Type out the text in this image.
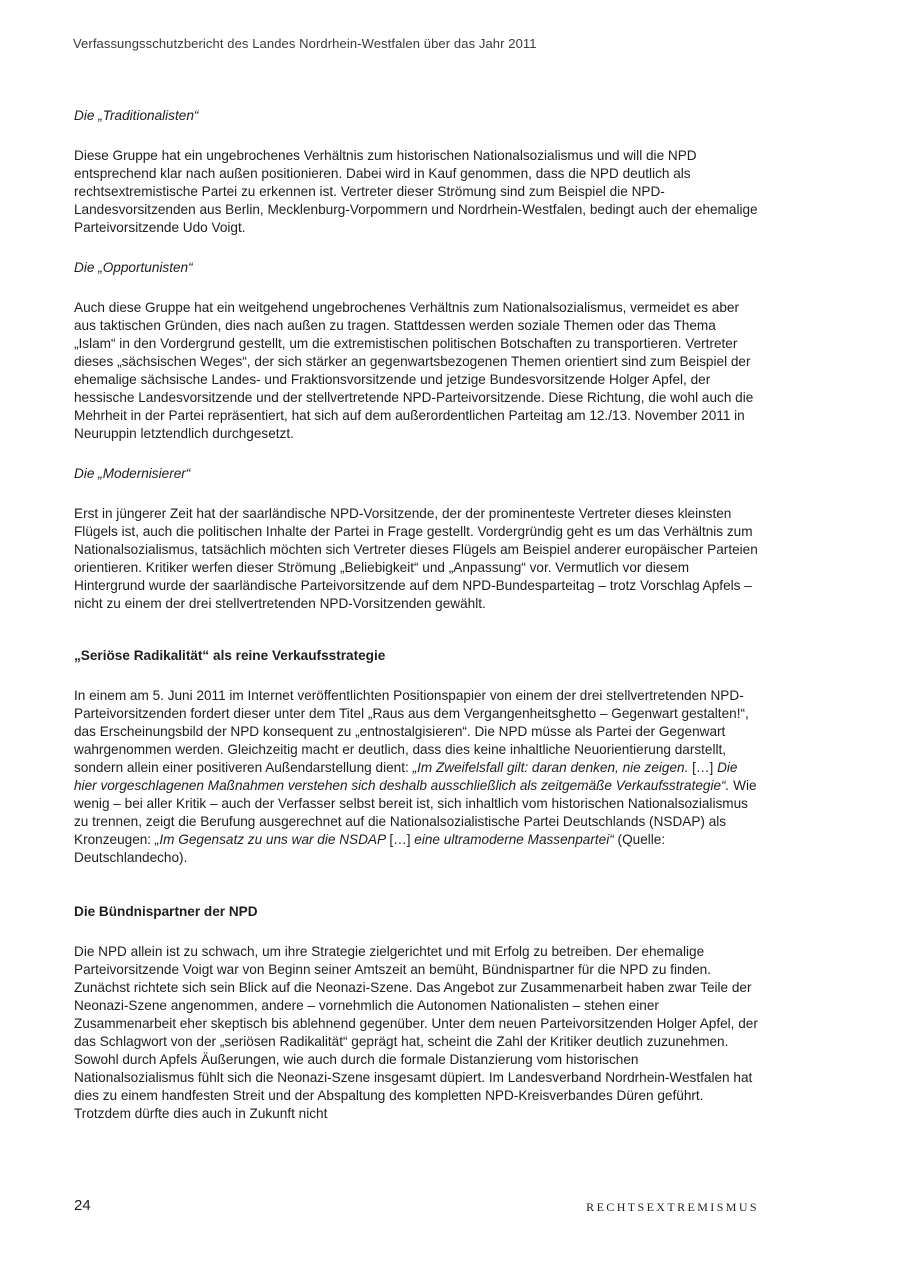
Verfassungsschutzbericht des Landes Nordrhein-Westfalen über das Jahr 2011

Die „Traditionalisten“

Diese Gruppe hat ein ungebrochenes Verhältnis zum historischen Nationalsozialismus und will die NPD entsprechend klar nach außen positionieren. Dabei wird in Kauf genommen, dass die NPD deutlich als rechtsextremistische Partei zu erkennen ist. Vertreter dieser Strömung sind zum Beispiel die NPD-Landesvorsitzenden aus Berlin, Mecklenburg-Vorpommern und Nordrhein-Westfalen, bedingt auch der ehemalige Parteivorsitzende Udo Voigt.

Die „Opportunisten“

Auch diese Gruppe hat ein weitgehend ungebrochenes Verhältnis zum Nationalsozialismus, vermeidet es aber aus taktischen Gründen, dies nach außen zu tragen. Stattdessen werden soziale Themen oder das Thema „Islam“ in den Vordergrund gestellt, um die extremistischen politischen Botschaften zu transportieren. Vertreter dieses „sächsischen Weges“, der sich stärker an gegenwartsbezogenen Themen orientiert sind zum Beispiel der ehemalige sächsische Landes- und Fraktionsvorsitzende und jetzige Bundesvorsitzende Holger Apfel, der hessische Landesvorsitzende und der stellvertretende NPD-Parteivorsitzende. Diese Richtung, die wohl auch die Mehrheit in der Partei repräsentiert, hat sich auf dem außerordentlichen Parteitag am 12./13. November 2011 in Neuruppin letztendlich durchgesetzt.

Die „Modernisierer“

Erst in jüngerer Zeit hat der saarländische NPD-Vorsitzende, der der prominenteste Vertreter dieses kleinsten Flügels ist, auch die politischen Inhalte der Partei in Frage gestellt. Vordergründig geht es um das Verhältnis zum Nationalsozialismus, tatsächlich möchten sich Vertreter dieses Flügels am Beispiel anderer europäischer Parteien orientieren. Kritiker werfen dieser Strömung „Beliebigkeit“ und „Anpassung“ vor. Vermutlich vor diesem Hintergrund wurde der saarländische Parteivorsitzende auf dem NPD-Bundesparteitag – trotz Vorschlag Apfels – nicht zu einem der drei stellvertretenden NPD-Vorsitzenden gewählt.

„Seriöse Radikalität“ als reine Verkaufsstrategie

In einem am 5. Juni 2011 im Internet veröffentlichten Positionspapier von einem der drei stellvertretenden NPD-Parteivorsitzenden fordert dieser unter dem Titel „Raus aus dem Vergangenheitsghetto – Gegenwart gestalten!“, das Erscheinungsbild der NPD konsequent zu „entnostalgisieren“. Die NPD müsse als Partei der Gegenwart wahrgenommen werden. Gleichzeitig macht er deutlich, dass dies keine inhaltliche Neuorientierung darstellt, sondern allein einer positiveren Außendarstellung dient: „Im Zweifelsfall gilt: daran denken, nie zeigen. […] Die hier vorgeschlagenen Maßnahmen verstehen sich deshalb ausschließlich als zeitgemäße Verkaufsstrategie“. Wie wenig – bei aller Kritik – auch der Verfasser selbst bereit ist, sich inhaltlich vom historischen Nationalsozialismus zu trennen, zeigt die Berufung ausgerechnet auf die Nationalsozialistische Partei Deutschlands (NSDAP) als Kronzeugen: „Im Gegensatz zu uns war die NSDAP […] eine ultramoderne Massenpartei“ (Quelle: Deutschlandecho).

Die Bündnispartner der NPD

Die NPD allein ist zu schwach, um ihre Strategie zielgerichtet und mit Erfolg zu betreiben. Der ehemalige Parteivorsitzende Voigt war von Beginn seiner Amtszeit an bemüht, Bündnispartner für die NPD zu finden. Zunächst richtete sich sein Blick auf die Neonazi-Szene. Das Angebot zur Zusammenarbeit haben zwar Teile der Neonazi-Szene angenommen, andere – vornehmlich die Autonomen Nationalisten – stehen einer Zusammenarbeit eher skeptisch bis ablehnend gegenüber. Unter dem neuen Parteivorsitzenden Holger Apfel, der das Schlagwort von der „seriösen Radikalität“ geprägt hat, scheint die Zahl der Kritiker deutlich zuzunehmen. Sowohl durch Apfels Äußerungen, wie auch durch die formale Distanzierung vom historischen Nationalsozialismus fühlt sich die Neonazi-Szene insgesamt düpiert. Im Landesverband Nordrhein-Westfalen hat dies zu einem handfesten Streit und der Abspaltung des kompletten NPD-Kreisverbandes Düren geführt. Trotzdem dürfte dies auch in Zukunft nicht

24	RECHTSEXTREMISMUS
